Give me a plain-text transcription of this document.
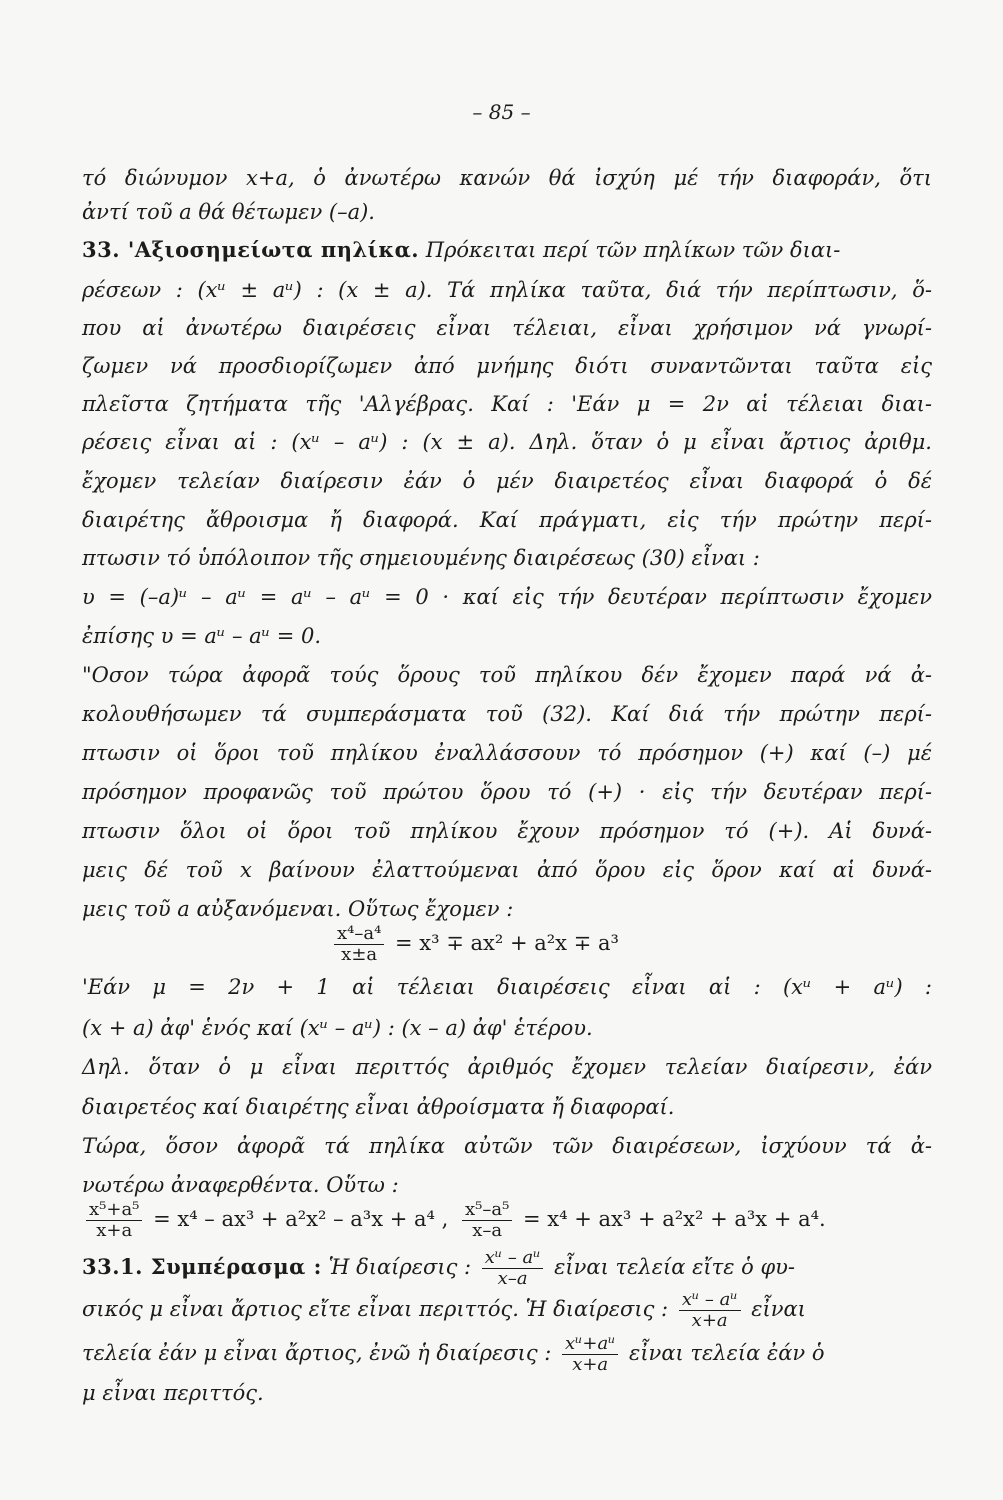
– 85 –
τό διώνυμον x+a, ὁ ἀνωτέρω κανών θά ἰσχύη μέ τήν διαφοράν, ὅτι
ἀντί τοῦ a θά θέτωμεν (–a).
33. 'Αξιοσημείωτα πηλίκα. Πρόκειται περί τῶν πηλίκων τῶν διαι-
ρέσεων : (xᵘ ± aᵘ) : (x ± a). Τά πηλίκα ταῦτα, διά τήν περίπτωσιν, ὅ-
που αἱ ἀνωτέρω διαιρέσεις εἶναι τέλειαι, εἶναι χρήσιμον νά γνωρί-
ζωμεν νά προσδιορίζωμεν ἀπό μνήμης διότι συναντῶνται ταῦτα εἰς
πλεῖστα ζητήματα τῆς 'Αλγέβρας. Καί : 'Εάν μ = 2ν αἱ τέλειαι διαι-
ρέσεις εἶναι αἱ : (xᵘ – aᵘ) : (x ± a). Δηλ. ὅταν ὁ μ εἶναι ἄρτιος ἀριθμ.
ἔχομεν τελείαν διαίρεσιν ἐάν ὁ μέν διαιρετέος εἶναι διαφορά ὁ δέ
διαιρέτης ἄθροισμα ἤ διαφορά. Καί πράγματι, εἰς τήν πρώτην περί-
πτωσιν τό ὑπόλοιπον τῆς σημειουμένης διαιρέσεως (30) εἶναι :
υ = (–a)ᵘ – aᵘ = aᵘ – aᵘ = 0 · καί εἰς τήν δευτέραν περίπτωσιν ἔχομεν
ἐπίσης υ = aᵘ – aᵘ = 0.
"Οσον τώρα ἀφορᾶ τούς ὅρους τοῦ πηλίκου δέν ἔχομεν παρά νά ἀ-
κολουθήσωμεν τά συμπεράσματα τοῦ (32). Καί διά τήν πρώτην περί-
πτωσιν οἱ ὅροι τοῦ πηλίκου ἐναλλάσσουν τό πρόσημον (+) καί (–) μέ
πρόσημον προφανῶς τοῦ πρώτου ὅρου τό (+) · εἰς τήν δευτέραν περί-
πτωσιν ὅλοι οἱ ὅροι τοῦ πηλίκου ἔχουν πρόσημον τό (+). Αἱ δυνά-
μεις δέ τοῦ x βαίνουν ἐλαττούμεναι ἀπό ὅρου εἰς ὅρον καί αἱ δυνά-
μεις τοῦ a αὐξανόμεναι. Οὕτως ἔχομεν :
$\frac{\text{x⁴–a⁴}}{x\pm a} = x^3 \mp ax^2 + a^2x \mp a^3$
'Εάν μ = 2ν + 1 αἱ τέλειαι διαιρέσεις εἶναι αἱ : (xᵘ + aᵘ) :
(x + a) ἀφ' ἑνός καί (xᵘ – aᵘ) : (x – a) ἀφ' ἑτέρου.
Δηλ. ὅταν ὁ μ εἶναι περιττός ἀριθμός ἔχομεν τελείαν διαίρεσιν, ἐάν
διαιρετέος καί διαιρέτης εἶναι ἀθροίσματα ἤ διαφοραί.
Τώρα, ὅσον ἀφορᾶ τά πηλίκα αὐτῶν τῶν διαιρέσεων, ἰσχύουν τά ἀ-
νωτέρω ἀναφερθέντα. Οὕτω :
$\frac{\text{x⁵+a⁵}}{x+a} = x^4 - ax^3 + a^2x^2 - a^3x + a^4$ , $\frac{\text{x⁵–a⁵}}{x-a} = x^4 + ax^3 + a^2x^2 + a^3x + a^4$.
33.1. Συμπέρασμα : Ἡ διαίρεσις : $\frac{\text{xᵘ – aᵘ}}{x-a}$ εἶναι τελεία εἴτε ὁ φυ-
σικός μ εἶναι ἄρτιος εἴτε εἶναι περιττός. Ἡ διαίρεσις : $\frac{\text{xᵘ – aᵘ}}{x+a}$ εἶναι
τελεία ἐάν μ εἶναι ἄρτιος, ἐνῶ ἡ διαίρεσις : $\frac{\text{xᵘ+aᵘ}}{x+a}$ εἶναι τελεία ἐάν ὁ
μ εἶναι περιττός.
